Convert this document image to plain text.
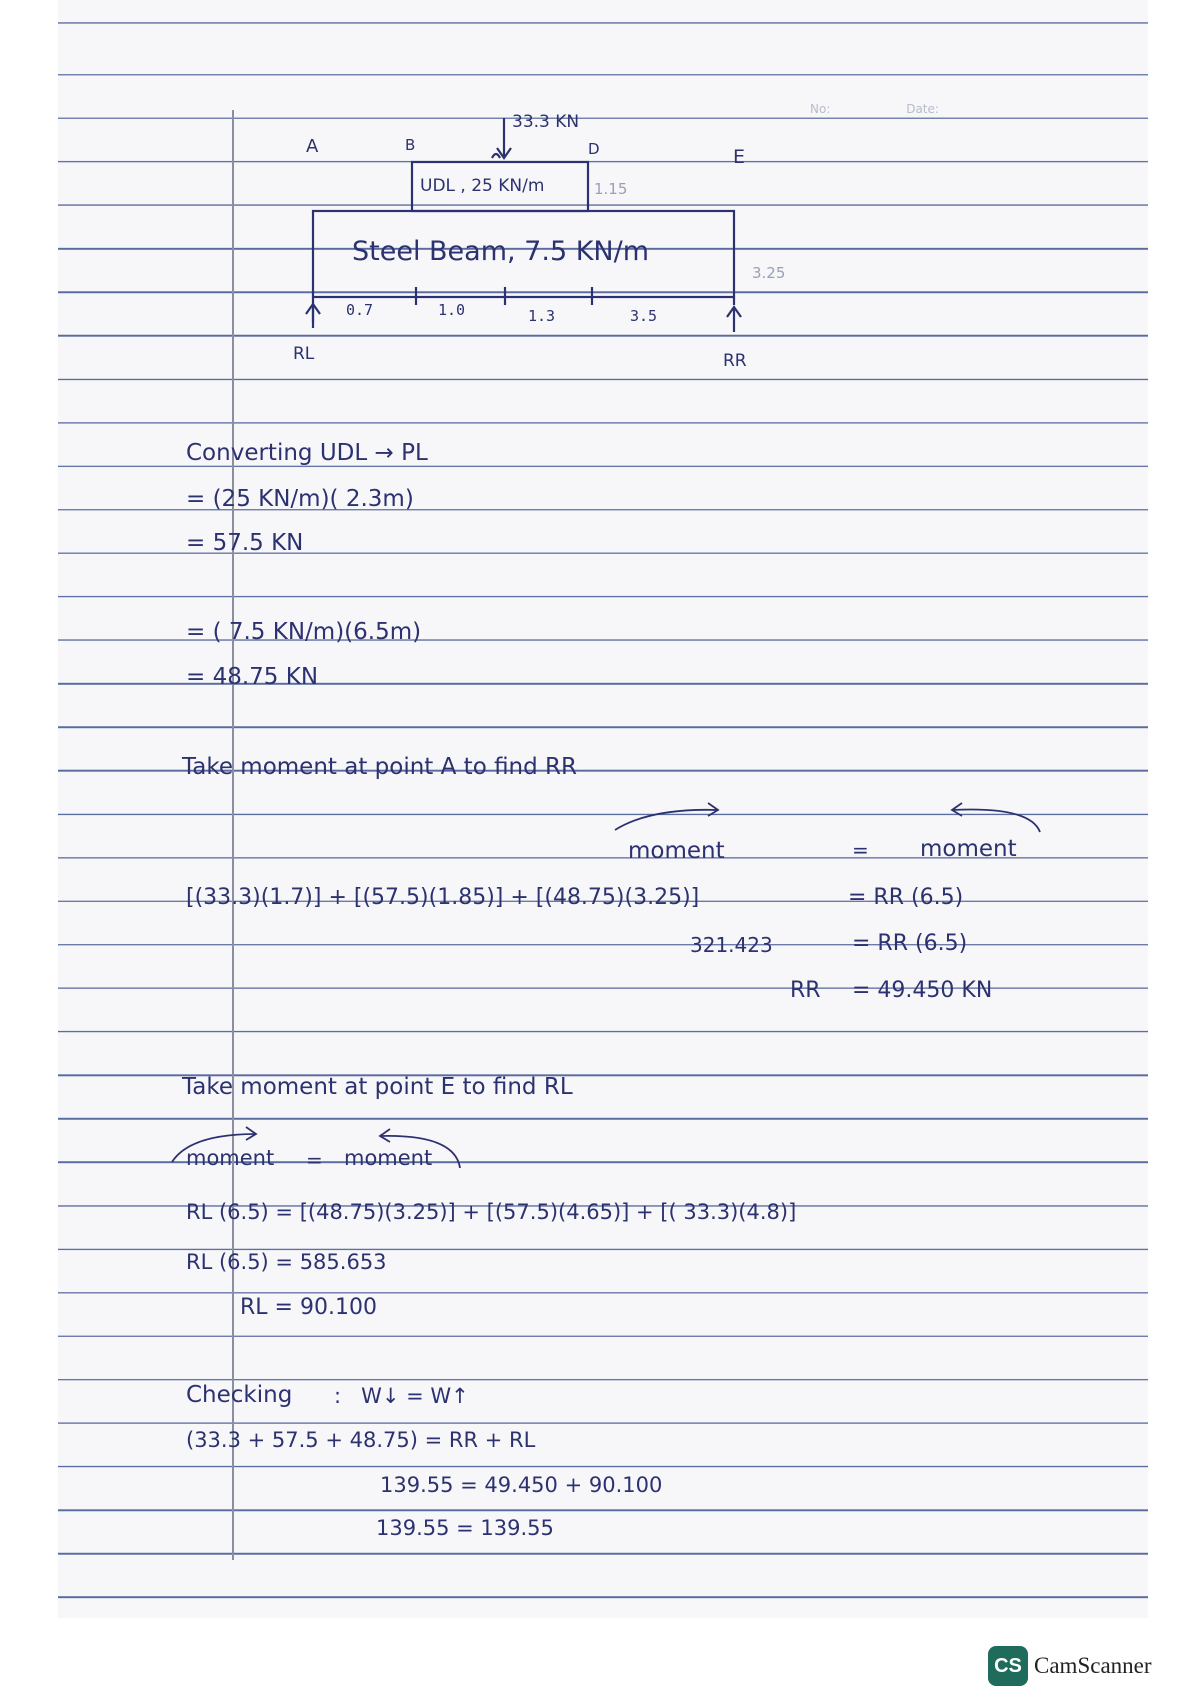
No:	Date:
33.3 KN
A	B	D	E
UDL , 25 KN/m	1.15
Steel Beam, 7.5 KN/m
3.25
0.7	1.0	1.3	3.5
RL	RR
Converting UDL → PL
= (25 KN/m)( 2.3m)
= 57.5 KN
= ( 7.5 KN/m)(6.5m)
= 48.75 KN
Take moment at point A to find RR
moment	= moment
[(33.3)(1.7)] + [(57.5)(1.85)] + [(48.75)(3.25)]	= RR (6.5)
321.423	= RR (6.5)
RR = 49.450 KN
Take moment at point E to find RL
moment = moment
RL (6.5) = [(48.75)(3.25)] + [(57.5)(4.65)] + [( 33.3)(4.8)]
RL (6.5) = 585.653
RL = 90.100
Checking :   W↓ = W↑
(33.3 + 57.5 + 48.75) = RR + RL
139.55 = 49.450 + 90.100
139.55 = 139.55
CS CamScanner
